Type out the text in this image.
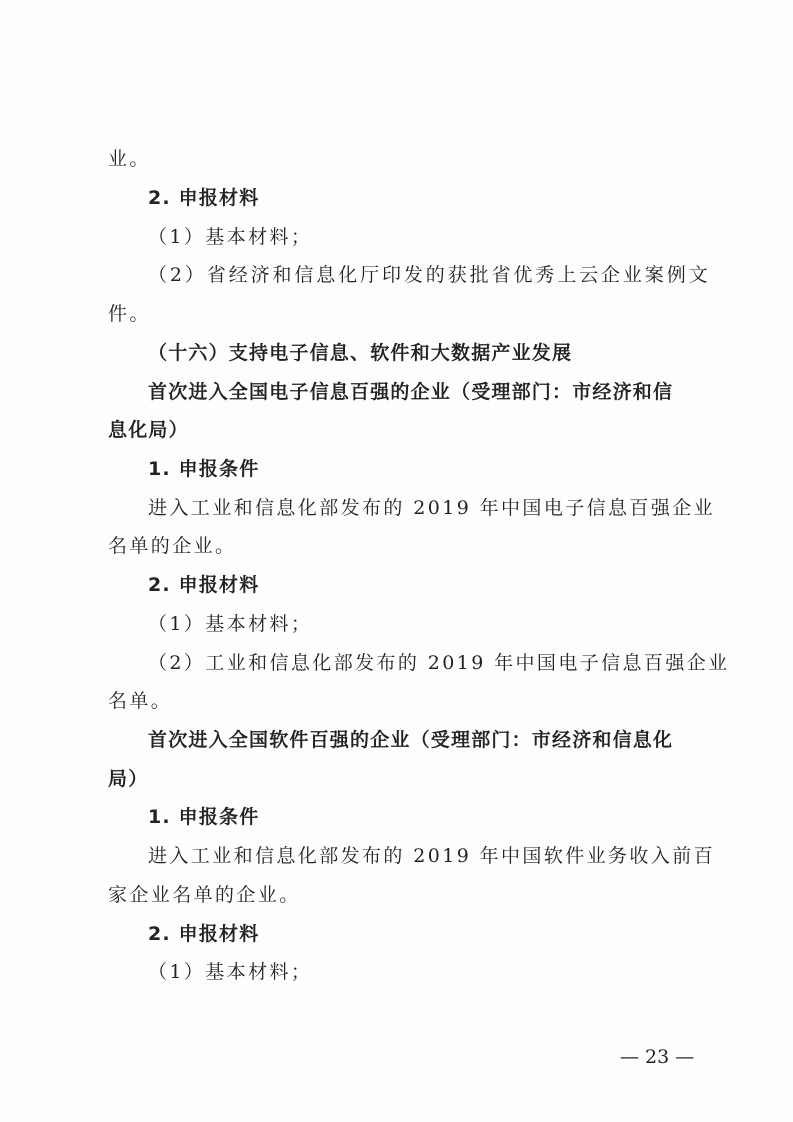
业。
2. 申报材料
（1）基本材料；
（2）省经济和信息化厅印发的获批省优秀上云企业案例文
件。
（十六）支持电子信息、软件和大数据产业发展
首次进入全国电子信息百强的企业（受理部门：市经济和信
息化局）
1. 申报条件
进入工业和信息化部发布的 2019 年中国电子信息百强企业
名单的企业。
2. 申报材料
（1）基本材料；
（2）工业和信息化部发布的 2019 年中国电子信息百强企业
名单。
首次进入全国软件百强的企业（受理部门：市经济和信息化
局）
1. 申报条件
进入工业和信息化部发布的 2019 年中国软件业务收入前百
家企业名单的企业。
2. 申报材料
（1）基本材料；
— 23 —
